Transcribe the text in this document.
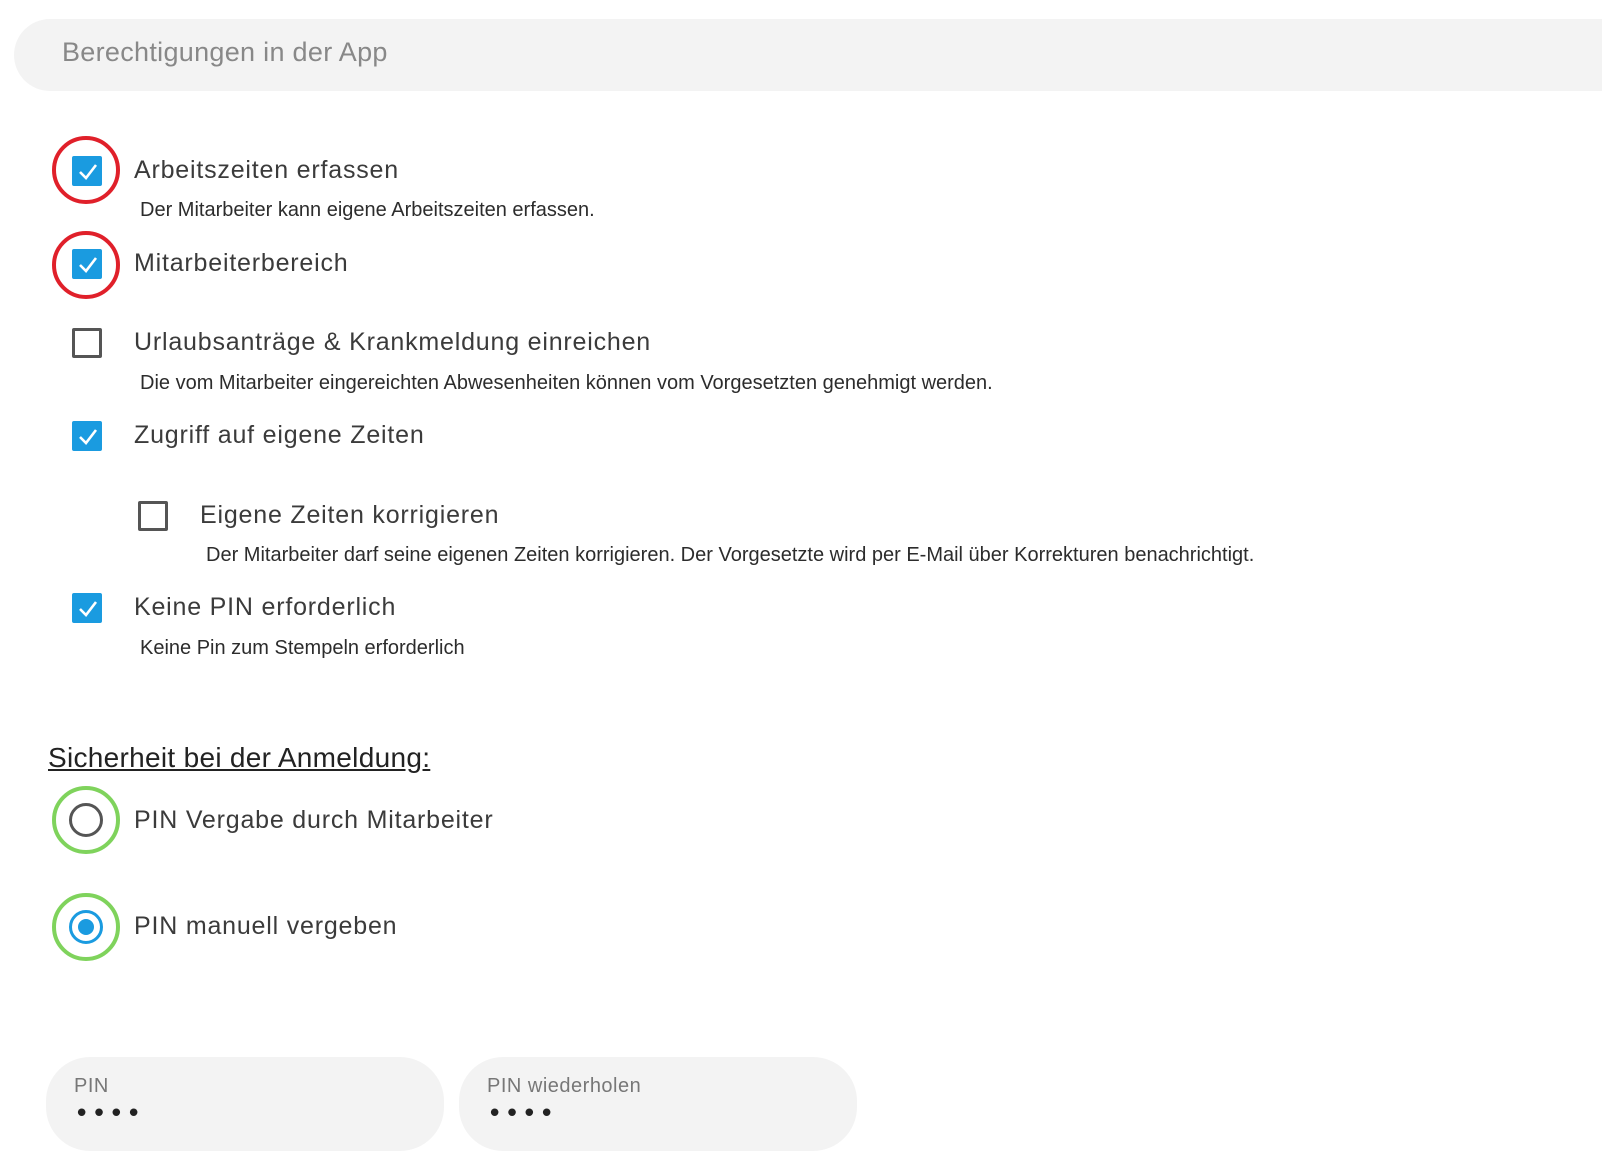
Berechtigungen in der App
Arbeitszeiten erfassen
Der Mitarbeiter kann eigene Arbeitszeiten erfassen.
Mitarbeiterbereich
Urlaubsanträge & Krankmeldung einreichen
Die vom Mitarbeiter eingereichten Abwesenheiten können vom Vorgesetzten genehmigt werden.
Zugriff auf eigene Zeiten
Eigene Zeiten korrigieren
Der Mitarbeiter darf seine eigenen Zeiten korrigieren. Der Vorgesetzte wird per E-Mail über Korrekturen benachrichtigt.
Keine PIN erforderlich
Keine Pin zum Stempeln erforderlich
Sicherheit bei der Anmeldung:
PIN Vergabe durch Mitarbeiter
PIN manuell vergeben
PIN
••••
PIN wiederholen
••••
